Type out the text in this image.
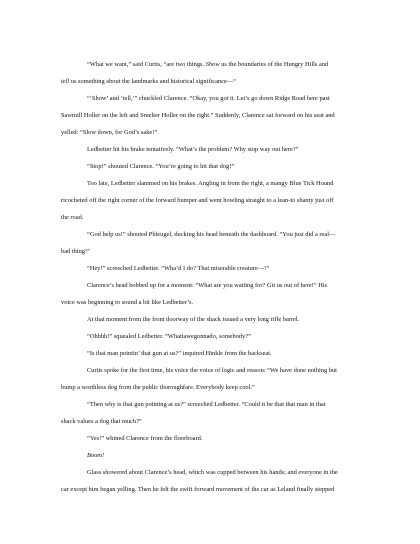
“What we want,” said Curtis, “are two things. Show us the boundaries of the Hungry Hills and
tell us something about the landmarks and historical significance—“
“‘Show’ and ‘tell,’” chuckled Clarence. “Okay, you got it. Let’s go down Ridge Road here past
Sawmill Holler on the left and Smelter Holler on the right.” Suddenly, Clarence sat forward on his seat and
yelled: “Slow down, for God’s sake!”
Ledbetter hit his brake tentatively. “What’s the problem? Why stop way out here?”
“Stop!” shouted Clarence. “You’re going to hit that dog!”
Too late, Ledbetter slammed on his brakes. Angling in from the right, a mangy Blue Tick Hound
ricocheted off the right corner of the forward bumper and went howling straight to a lean-to shanty just off
the road.
“God help us!” shouted Phleugel, ducking his head beneath the dashboard. “You just did a real—
bad thing!”
“Hey!” screeched Ledbetter. “Wha’d I do? That miserable creature—!”
Clarence’s head bobbed up for a moment: “What are you waiting for? Git us out of here!” His
voice was beginning to sound a bit like Ledbetter’s.
At that moment from the front doorway of the shack issued a very long rifle barrel.
“Ohhhh!” squealed Ledbetter. “Whattawegonnado, somebody?”
“Is that man pointin’ that gun at us?” inquired Hinkle from the backseat.
Curtis spoke for the first time, his voice the voice of logic and reason: “We have done nothing but
bump a worthless dog from the public thoroughfare. Everybody keep cool.”
“Then why is that gun pointing at us?” screeched Ledbetter. “Could it be that that man in that
shack values a dog that much?”
“Yes!” whined Clarence from the floorboard.
Boom!
Glass showered about Clarence’s head, which was cupped between his hands; and everyone in the
car except him began yelling. Then he felt the swift forward movement of the car as Leland finally stepped
